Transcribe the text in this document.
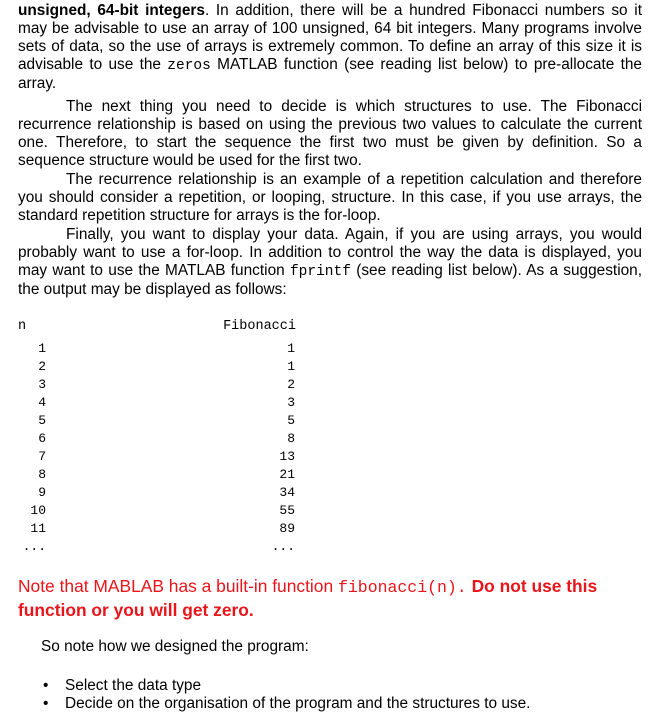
unsigned, 64-bit integers. In addition, there will be a hundred Fibonacci numbers so it may be advisable to use an array of 100 unsigned, 64 bit integers. Many programs involve sets of data, so the use of arrays is extremely common. To define an array of this size it is advisable to use the zeros MATLAB function (see reading list below) to pre-allocate the array.
The next thing you need to decide is which structures to use. The Fibonacci recurrence relationship is based on using the previous two values to calculate the current one. Therefore, to start the sequence the first two must be given by definition. So a sequence structure would be used for the first two.
The recurrence relationship is an example of a repetition calculation and therefore you should consider a repetition, or looping, structure. In this case, if you use arrays, the standard repetition structure for arrays is the for-loop.
Finally, you want to display your data. Again, if you are using arrays, you would probably want to use a for-loop. In addition to control the way the data is displayed, you may want to use the MATLAB function fprintf (see reading list below). As a suggestion, the output may be displayed as follows:
n	Fibonacci
1
2
3
4
5
6
7
8
9
10
11
...
1
1
2
3
5
8
13
21
34
55
89
...
Note that MABLAB has a built-in function fibonacci(n). Do not use this function or you will get zero.
So note how we designed the program:
• Select the data type
• Decide on the organisation of the program and the structures to use.
